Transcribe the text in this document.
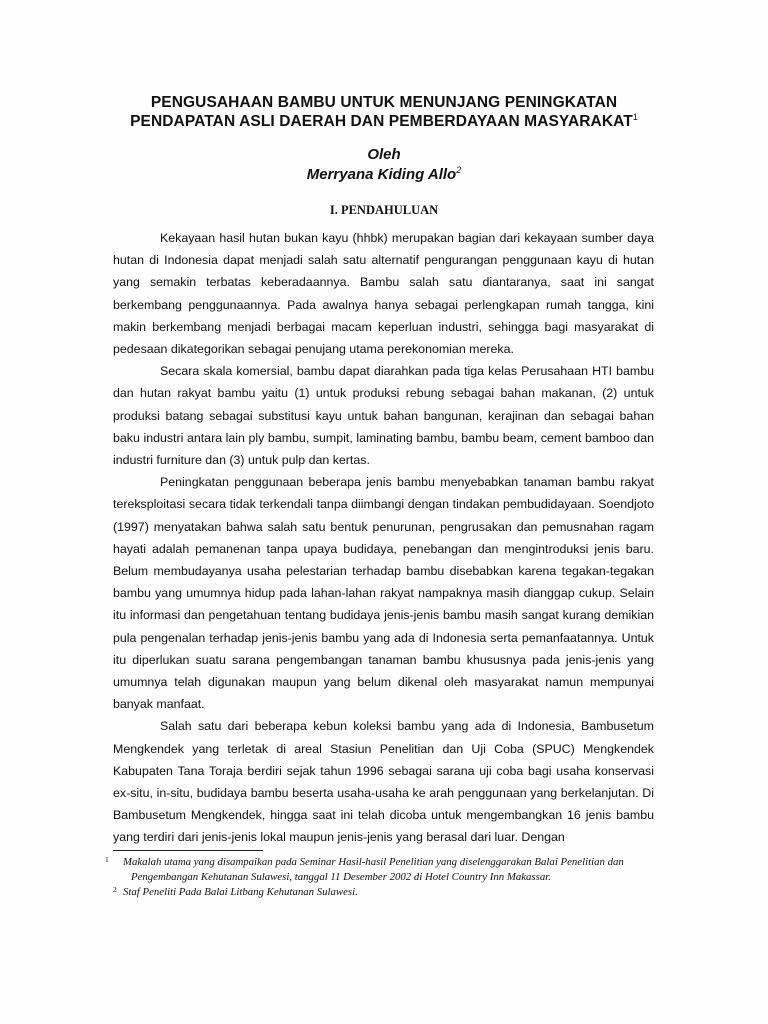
PENGUSAHAAN BAMBU UNTUK MENUNJANG PENINGKATAN
PENDAPATAN ASLI DAERAH DAN PEMBERDAYAAN MASYARAKAT$^1$
Oleh
Merryana Kiding Allo$^2$
I. PENDAHULUAN

Kekayaan hasil hutan bukan kayu (hhbk) merupakan bagian dari kekayaan sumber daya hutan di Indonesia dapat menjadi salah satu alternatif pengurangan penggunaan kayu di hutan yang semakin terbatas keberadaannya. Bambu salah satu diantaranya, saat ini sangat berkembang penggunaannya. Pada awalnya hanya sebagai perlengkapan rumah tangga, kini makin berkembang menjadi berbagai macam keperluan industri, sehingga bagi masyarakat di pedesaan dikategorikan sebagai penujang utama perekonomian mereka.

Secara skala komersial, bambu dapat diarahkan pada tiga kelas Perusahaan HTI bambu dan hutan rakyat bambu yaitu (1) untuk produksi rebung sebagai bahan makanan, (2) untuk produksi batang sebagai substitusi kayu untuk bahan bangunan, kerajinan dan sebagai bahan baku industri antara lain ply bambu, sumpit, laminating bambu, bambu beam, cement bamboo dan industri furniture dan (3) untuk pulp dan kertas.

Peningkatan penggunaan beberapa jenis bambu menyebabkan tanaman bambu rakyat tereksploitasi secara tidak terkendali tanpa diimbangi dengan tindakan pembudidayaan. Soendjoto (1997) menyatakan bahwa salah satu bentuk penurunan, pengrusakan dan pemusnahan ragam hayati adalah pemanenan tanpa upaya budidaya, penebangan dan mengintroduksi jenis baru. Belum membudayanya usaha pelestarian terhadap bambu disebabkan karena tegakan-tegakan bambu yang umumnya hidup pada lahan-lahan rakyat nampaknya masih dianggap cukup. Selain itu informasi dan pengetahuan tentang budidaya jenis-jenis bambu masih sangat kurang demikian pula pengenalan terhadap jenis-jenis bambu yang ada di Indonesia serta pemanfaatannya. Untuk itu diperlukan suatu sarana pengembangan tanaman bambu khususnya pada jenis-jenis yang umumnya telah digunakan maupun yang belum dikenal oleh masyarakat namun mempunyai banyak manfaat.

Salah satu dari beberapa kebun koleksi bambu yang ada di Indonesia, Bambusetum Mengkendek yang terletak di areal Stasiun Penelitian dan Uji Coba (SPUC) Mengkendek Kabupaten Tana Toraja berdiri sejak tahun 1996 sebagai sarana uji coba bagi usaha konservasi ex-situ, in-situ, budidaya bambu beserta usaha-usaha ke arah penggunaan yang berkelanjutan. Di Bambusetum Mengkendek, hingga saat ini telah dicoba untuk mengembangkan 16 jenis bambu yang terdiri dari jenis-jenis lokal maupun jenis-jenis yang berasal dari luar. Dengan

1	Makalah utama yang disampaikan pada Seminar Hasil-hasil Penelitian yang diselenggarakan Balai Penelitian dan Pengembangan Kehutanan Sulawesi, tanggal 11 Desember 2002 di Hotel Country Inn Makassar.
2 Staf Peneliti Pada Balai Litbang Kehutanan Sulawesi.
